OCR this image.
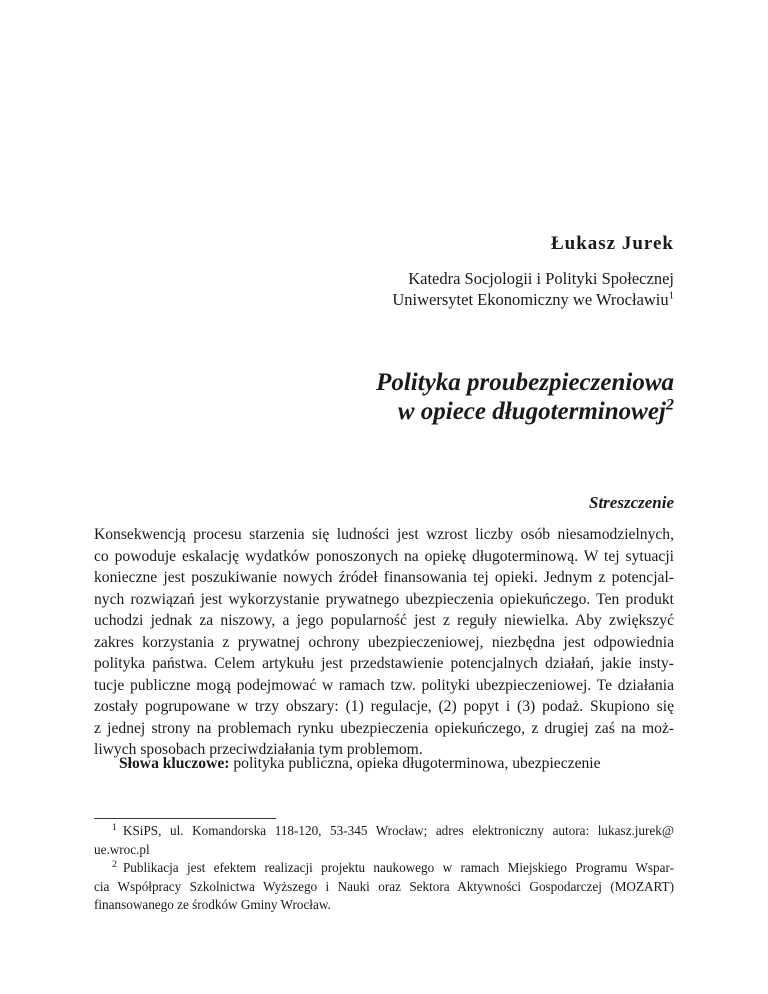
Łukasz Jurek
Katedra Socjologii i Polityki Społecznej
Uniwersytet Ekonomiczny we Wrocławiu$^1$
Polityka proubezpieczeniowa
w opiece długoterminowej$^2$
Streszczenie
Konsekwencją procesu starzenia się ludności jest wzrost liczby osób niesamodzielnych,
co powoduje eskalację wydatków ponoszonych na opiekę długoterminową. W tej sytuacji
konieczne jest poszukiwanie nowych źródeł finansowania tej opieki. Jednym z potencjal-
nych rozwiązań jest wykorzystanie prywatnego ubezpieczenia opiekuńczego. Ten produkt
uchodzi jednak za niszowy, a jego popularność jest z reguły niewielka. Aby zwiększyć
zakres korzystania z prywatnej ochrony ubezpieczeniowej, niezbędna jest odpowiednia
polityka państwa. Celem artykułu jest przedstawienie potencjalnych działań, jakie insty-
tucje publiczne mogą podejmować w ramach tzw. polityki ubezpieczeniowej. Te działania
zostały pogrupowane w trzy obszary: (1) regulacje, (2) popyt i (3) podaż. Skupiono się
z jednej strony na problemach rynku ubezpieczenia opiekuńczego, z drugiej zaś na moż-
liwych sposobach przeciwdziałania tym problemom.
Słowa kluczowe: polityka publiczna, opieka długoterminowa, ubezpieczenie
$^1$ KSiPS, ul. Komandorska 118-120, 53-345 Wrocław; adres elektroniczny autora: lukasz.jurek@
ue.wroc.pl
$^2$ Publikacja jest efektem realizacji projektu naukowego w ramach Miejskiego Programu Wspar-
cia Współpracy Szkolnictwa Wyższego i Nauki oraz Sektora Aktywności Gospodarczej (MOZART)
finansowanego ze środków Gminy Wrocław.
